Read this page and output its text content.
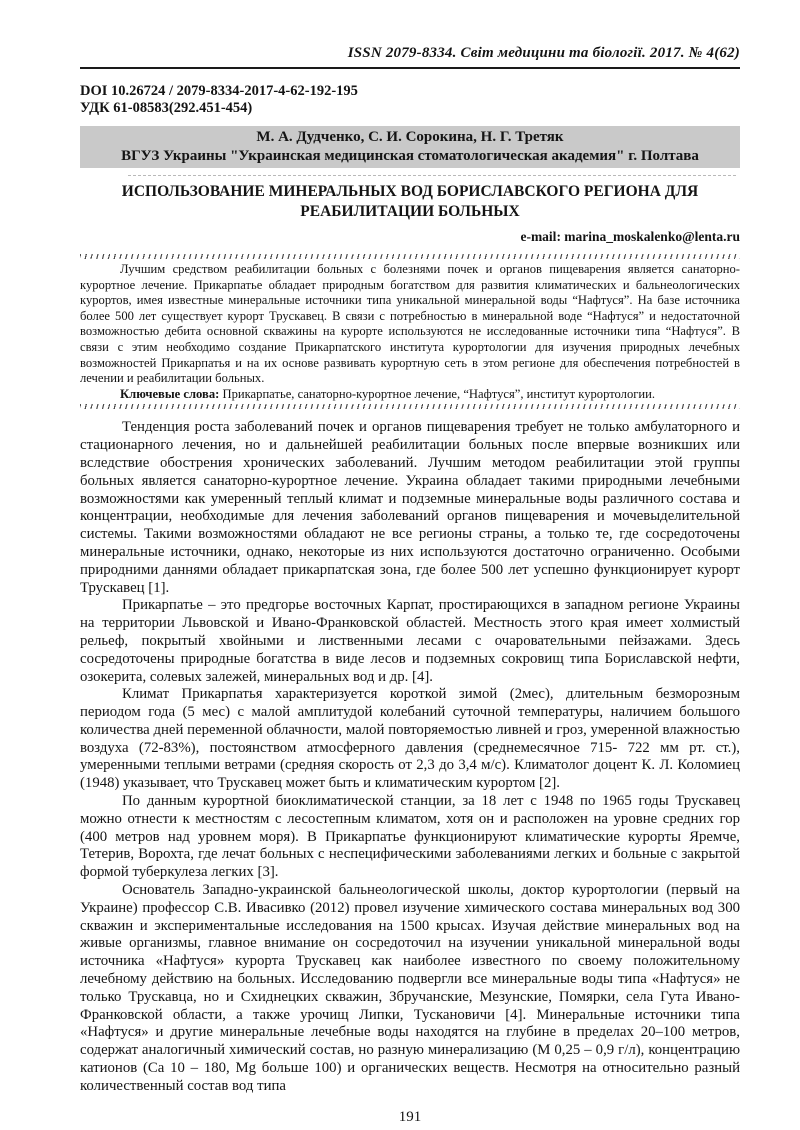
ISSN 2079-8334. Світ медицини та біології. 2017. № 4(62)
DOI 10.26724 / 2079-8334-2017-4-62-192-195
УДК 61-08583(292.451-454)
М. А. Дудченко, С. И. Сорокина, Н. Г. Третяк
ВГУЗ Украины "Украинская медицинская стоматологическая академия" г. Полтава
ИСПОЛЬЗОВАНИЕ МИНЕРАЛЬНЫХ ВОД БОРИСЛАВСКОГО РЕГИОНА ДЛЯ РЕАБИЛИТАЦИИ БОЛЬНЫХ
e-mail: marina_moskalenko@lenta.ru

Лучшим средством реабилитации больных с болезнями почек и органов пищеварения является санаторно-курортное лечение. Прикарпатье обладает природным богатством для развития климатических и бальнеологических курортов, имея известные минеральные источники типа уникальной минеральной воды “Нафтуся”. На базе источника более 500 лет существует курорт Трускавец. В связи с потребностью в минеральной воде “Нафтуся” и недостаточной возможностью дебита основной скважины на курорте используются не исследованные источники типа “Нафтуся”. В связи с этим необходимо создание Прикарпатского института курортологии для изучения природных лечебных возможностей Прикарпатья и на их основе развивать курортную сеть в этом регионе для обеспечения потребностей в лечении и реабилитации больных.

Ключевые слова: Прикарпатье, санаторно-курортное лечение, “Нафтуся”, институт курортологии.

Тенденция роста заболеваний почек и органов пищеварения требует не только амбулаторного и стационарного лечения, но и дальнейшей реабилитации больных после впервые возникших или вследствие обострения хронических заболеваний. Лучшим методом реабилитации этой группы больных является санаторно-курортное лечение. Украина обладает такими природными лечебными возможностями как умеренный теплый климат и подземные минеральные воды различного состава и концентрации, необходимые для лечения заболеваний органов пищеварения и мочевыделительной системы. Такими возможностями обладают не все регионы страны, а только те, где сосредоточены минеральные источники, однако, некоторые из них используются достаточно ограниченно. Особыми природними даннями обладает прикарпатская зона, где более 500 лет успешно функционирует курорт Трускавец [1].

Прикарпатье – это предгорье восточных Карпат, простирающихся в западном регионе Украины на территории Львовской и Ивано-Франковской областей. Местность этого края имеет холмистый рельеф, покрытый хвойными и лиственными лесами с очаровательными пейзажами. Здесь сосредоточены природные богатства в виде лесов и подземных сокровищ типа Бориславской нефти, озокерита, солевых залежей, минеральных вод и др. [4].

Климат Прикарпатья характеризуется короткой зимой (2мес), длительным безморозным периодом года (5 мес) с малой амплитудой колебаний суточной температуры, наличием большого количества дней переменной облачности, малой повторяемостью ливней и гроз, умеренной влажностью воздуха (72-83%), постоянством атмосферного давления (среднемесячное 715- 722 мм рт. ст.), умеренными теплыми ветрами (средняя скорость от 2,3 до 3,4 м/с). Климатолог доцент К. Л. Коломиец (1948) указывает, что Трускавец может быть и климатическим курортом [2].

По данным курортной биоклиматической станции, за 18 лет с 1948 по 1965 годы Трускавец можно отнести к местностям с лесостепным климатом, хотя он и расположен на уровне средних гор (400 метров над уровнем моря). В Прикарпатье функционируют климатические курорты Яремче, Тетерив, Ворохта, где лечат больных с неспецифическими заболеваниями легких и больные с закрытой формой туберкулеза легких [3].

Основатель Западно-украинской бальнеологической школы, доктор курортологии (первый на Украине) профессор С.В. Ивасивко (2012) провел изучение химического состава минеральных вод 300 скважин и экспериментальные исследования на 1500 крысах. Изучая действие минеральных вод на живые организмы, главное внимание он сосредоточил на изучении уникальной минеральной воды источника «Нафтуся» курорта Трускавец как наиболее известного по своему положительному лечебному действию на больных. Исследованию подвергли все минеральные воды типа «Нафтуся» не только Трускавца, но и Схиднецких скважин, Збручанские, Мезунские, Помярки, села Гута Ивано-Франковской области, а также урочищ Липки, Тускановичи [4]. Минеральные источники типа «Нафтуся» и другие минеральные лечебные воды находятся на глубине в пределах 20–100 метров, содержат аналогичный химический состав, но разную минерализацию (М 0,25 – 0,9 г/л), концентрацию катионов (Са 10 – 180, Mg больше 100) и органических веществ. Несмотря на относительно разный количественный состав вод типа

191
